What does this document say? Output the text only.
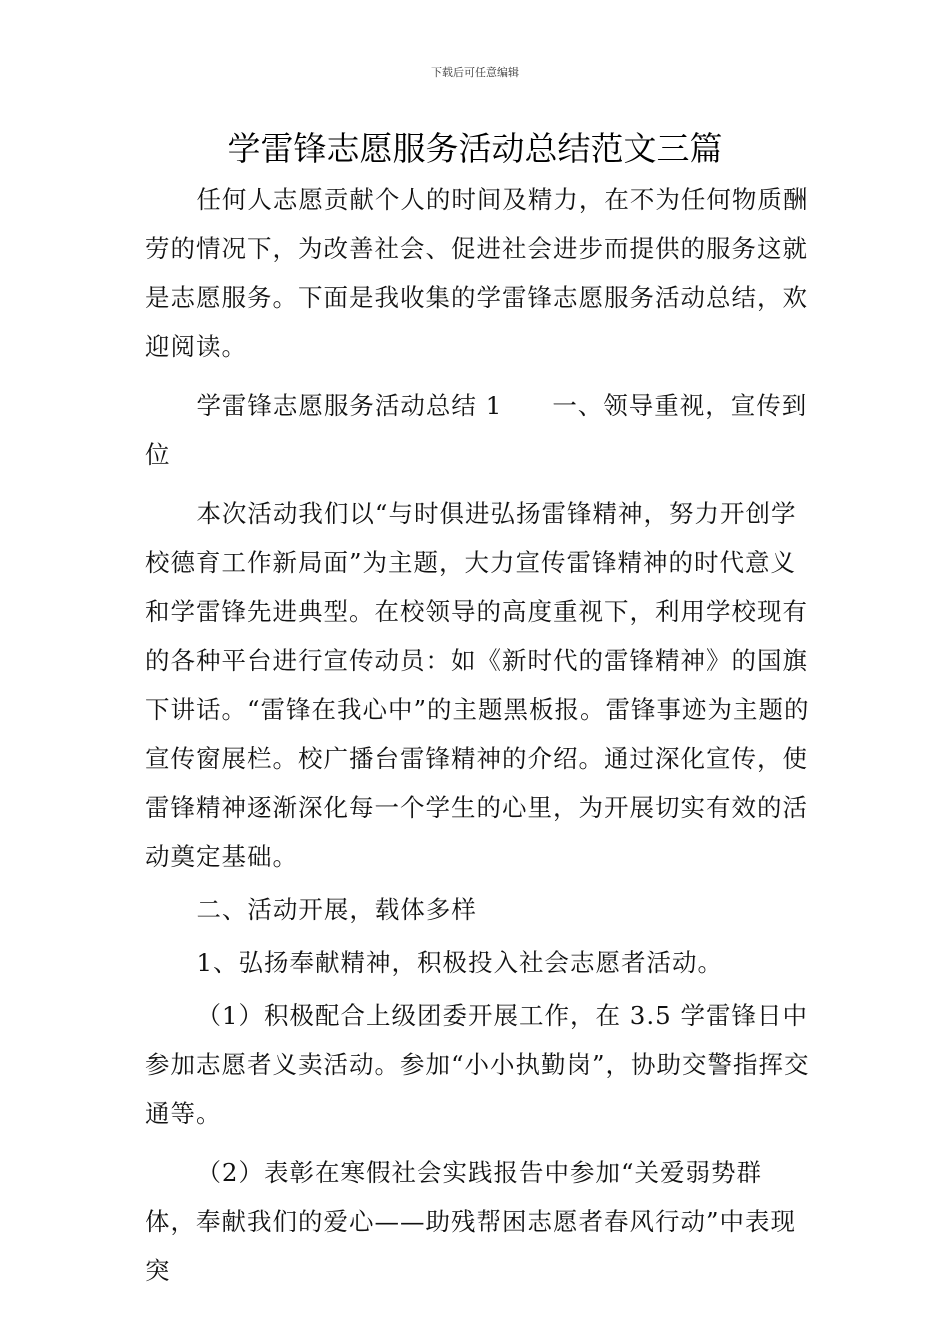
下载后可任意编辑
学雷锋志愿服务活动总结范文三篇

任何人志愿贡献个人的时间及精力，在不为任何物质酬劳的情况下，为改善社会、促进社会进步而提供的服务这就是志愿服务。下面是我收集的学雷锋志愿服务活动总结，欢迎阅读。

学雷锋志愿服务活动总结 1 一、领导重视，宣传到位

本次活动我们以“与时俱进弘扬雷锋精神，努力开创学校德育工作新局面”为主题，大力宣传雷锋精神的时代意义和学雷锋先进典型。在校领导的高度重视下，利用学校现有的各种平台进行宣传动员：如《新时代的雷锋精神》的国旗下讲话。“雷锋在我心中”的主题黑板报。雷锋事迹为主题的宣传窗展栏。校广播台雷锋精神的介绍。通过深化宣传，使雷锋精神逐渐深化每一个学生的心里，为开展切实有效的活动奠定基础。

二、活动开展，载体多样

1、弘扬奉献精神，积极投入社会志愿者活动。

（1）积极配合上级团委开展工作，在 3.5 学雷锋日中参加志愿者义卖活动。参加“小小执勤岗”，协助交警指挥交通等。

（2）表彰在寒假社会实践报告中参加“关爱弱势群体，奉献我们的爱心——助残帮困志愿者春风行动”中表现突
